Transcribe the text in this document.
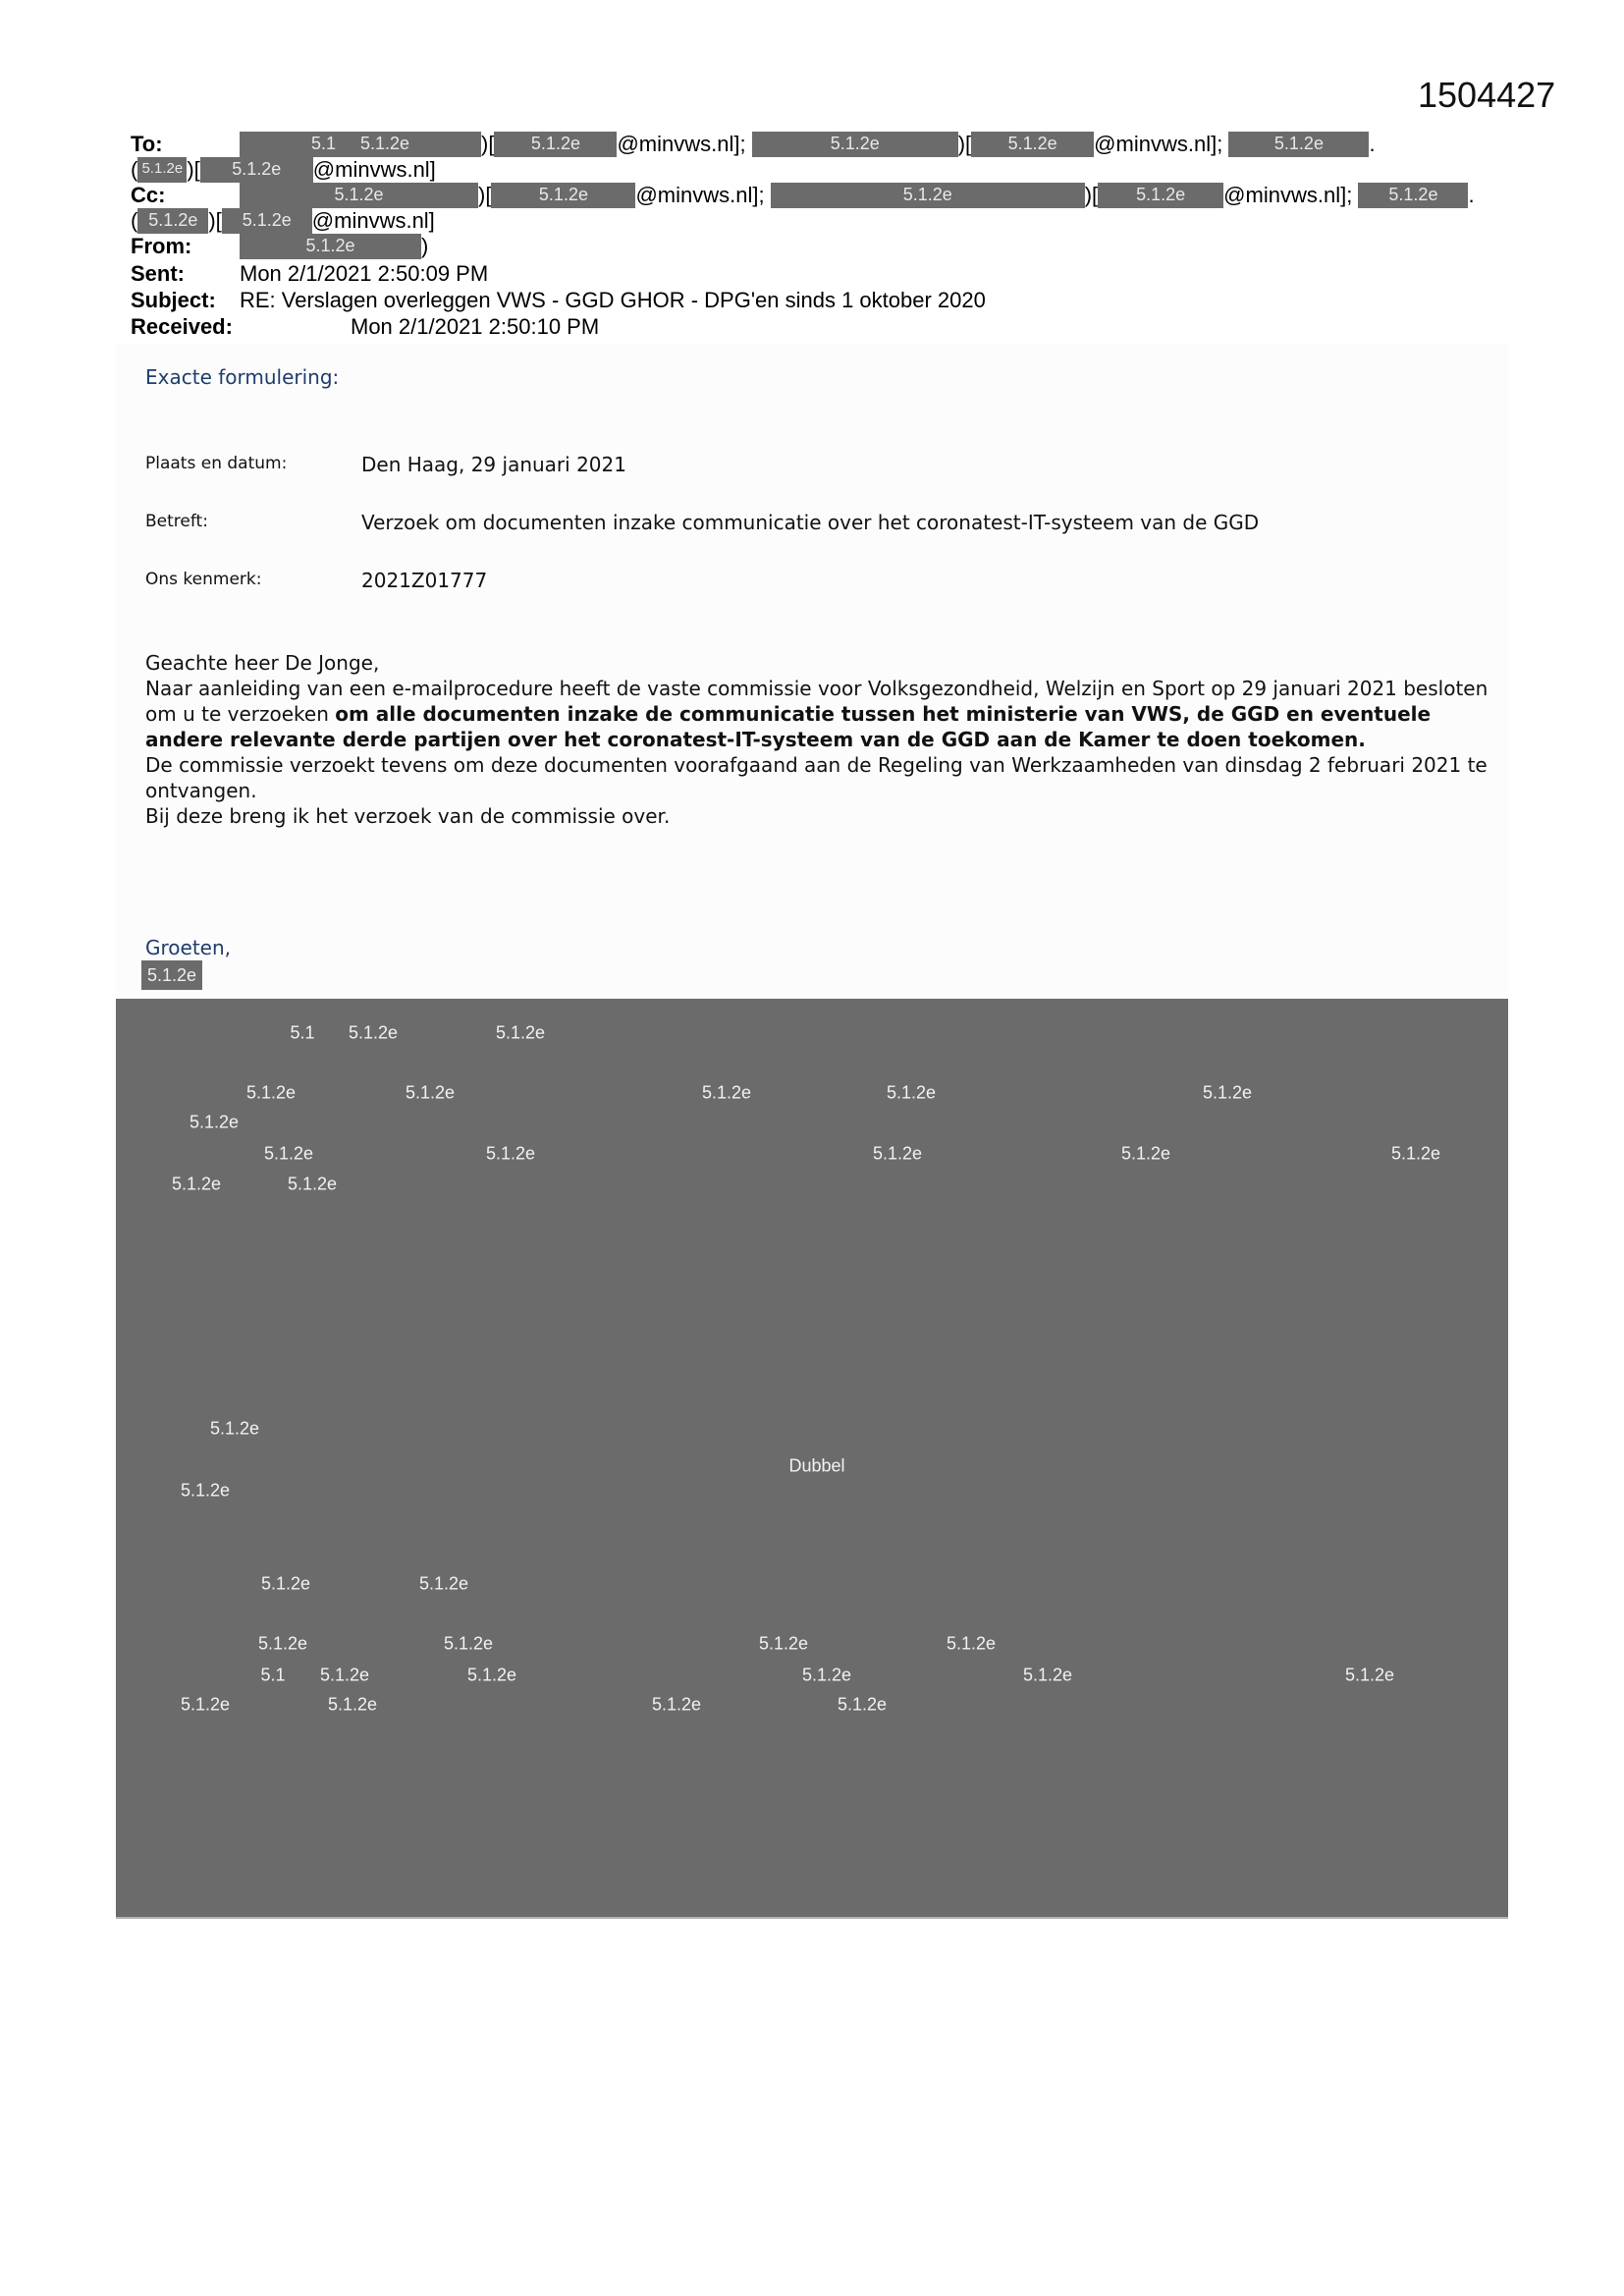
1504427
To:	5.1 5.1.2e	)[ 5.1.2e @minvws.nl];	5.1.2e	)[ 5.1.2e @minvws.nl];	5.1.2e .
( 5.1.2e )[ 5.1.2e @minvws.nl]
Cc:	5.1.2e	)[	5.1.2e @minvws.nl];	5.1.2e	)[ 5.1.2e @minvws.nl]; 5.1.2e .
( 5.1.2e )[ 5.1.2e @minvws.nl]
From:	5.1.2e	)
Sent:	Mon 2/1/2021 2:50:09 PM
Subject: RE: Verslagen overleggen VWS - GGD GHOR - DPG'en sinds 1 oktober 2020
Received:	Mon 2/1/2021 2:50:10 PM
Exacte formulering:
Plaats en datum:	Den Haag, 29 januari 2021
Betreft:	Verzoek om documenten inzake communicatie over het coronatest-IT-systeem van de GGD
Ons kenmerk:	2021Z01777

Geachte heer De Jonge,

Naar aanleiding van een e-mailprocedure heeft de vaste commissie voor Volksgezondheid, Welzijn en Sport op 29 januari 2021 besloten om u te verzoeken om alle documenten inzake de communicatie tussen het ministerie van VWS, de GGD en eventuele andere relevante derde partijen over het coronatest-IT-systeem van de GGD aan de Kamer te doen toekomen.

De commissie verzoekt tevens om deze documenten voorafgaand aan de Regeling van Werkzaamheden van dinsdag 2 februari 2021 te ontvangen.

Bij deze breng ik het verzoek van de commissie over.

Groeten,
5.1.2e
5.1 5.1.2e	5.1.2e
5.1.2e	5.1.2e	5.1.2e	5.1.2e	5.1.2e
5.1.2e
5.1.2e	5.1.2e	5.1.2e	5.1.2e	5.1.2e
5.1.2e	5.1.2e
5.1.2e
Dubbel
5.1.2e
5.1.2e	5.1.2e
5.1.2e	5.1.2e	5.1.2e	5.1.2e
5.1 5.1.2e	5.1.2e	5.1.2e	5.1.2e	5.1.2e
5.1.2e	5.1.2e	5.1.2e	5.1.2e
